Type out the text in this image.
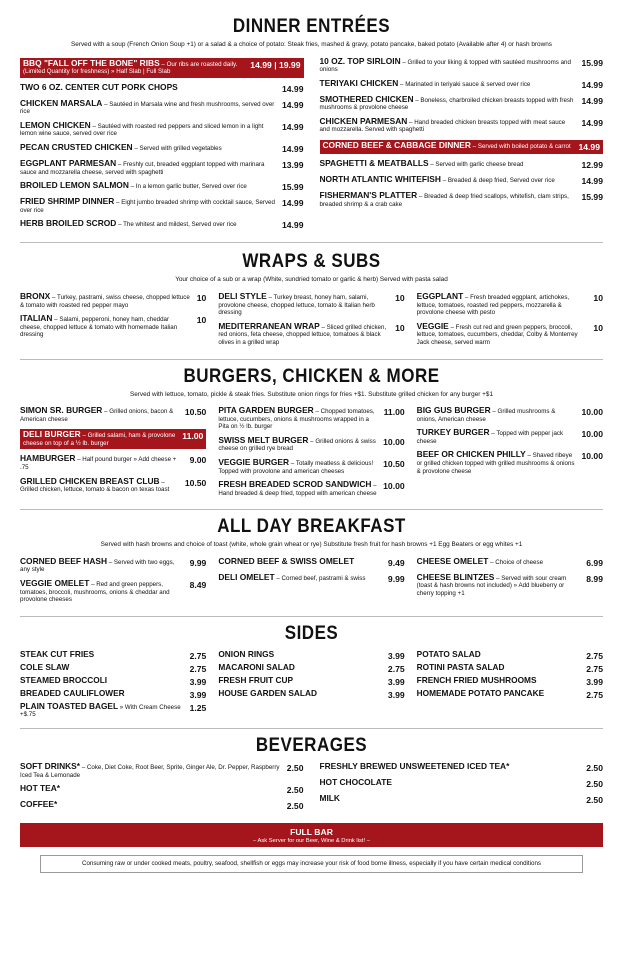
DINNER ENTRÉES
Served with a soup (French Onion Soup +1) or a salad & a choice of potato: Steak fries, mashed & gravy, potato pancake, baked potato (Available after 4) or hash browns
BBQ "FALL OFF THE BONE" RIBS – Our ribs are roasted daily. (Limited Quantity for freshness) » Half Slab | Full Slab
14.99 | 19.99
TWO 6 OZ. CENTER CUT PORK CHOPS	14.99
CHICKEN MARSALA – Sautéed in Marsala wine and fresh mushrooms, served over rice
14.99
LEMON CHICKEN – Sautéed with roasted red peppers and sliced lemon in a light lemon wine sauce, served over rice
14.99
PECAN CRUSTED CHICKEN – Served with grilled vegetables	14.99
EGGPLANT PARMESAN – Freshly cut, breaded eggplant topped with marinara sauce and mozzarella cheese, served with spaghetti
13.99
BROILED LEMON SALMON – In a lemon garlic butter, Served over rice	15.99
FRIED SHRIMP DINNER – Eight jumbo breaded shrimp with cocktail sauce, Served over rice
14.99
HERB BROILED SCROD – The whitest and mildest, Served over rice	14.99
10 OZ. TOP SIRLOIN – Grilled to your liking & topped with sautéed mushrooms and onions
15.99
TERIYAKI CHICKEN – Marinated in teriyaki sauce & served over rice	14.99
SMOTHERED CHICKEN – Boneless, charbroiled chicken breasts topped with fresh mushrooms & provolone cheese
14.99
CHICKEN PARMESAN – Hand breaded chicken breasts topped with meat sauce and mozzarella. Served with spaghetti
14.99
CORNED BEEF & CABBAGE DINNER – Served with boiled potato & carrot 14.99
SPAGHETTI & MEATBALLS – Served with garlic cheese bread	12.99
NORTH ATLANTIC WHITEFISH – Breaded & deep fried, Served over rice	14.99
FISHERMAN'S PLATTER – Breaded & deep fried scallops, whitefish, clam strips, breaded shrimp & a crab cake
15.99
WRAPS & SUBS
Your choice of a sub or a wrap (White, sundried tomato or garlic & herb) Served with pasta salad
BRONX – Turkey, pastrami, swiss cheese, chopped lettuce & tomato with roasted red pepper mayo
10
ITALIAN – Salami, pepperoni, honey ham, cheddar cheese, chopped lettuce & tomato with homemade Italian dressing
10
DELI STYLE – Turkey breast, honey ham, salami, provolone cheese, chopped lettuce, tomato & Italian herb dressing
10
MEDITERRANEAN WRAP – Sliced grilled chicken, red onions, feta cheese, chopped lettuce, tomatoes & black olives in a grilled wrap
10
EGGPLANT – Fresh breaded eggplant, artichokes, lettuce, tomatoes, roasted red peppers, mozzarella & provolone cheese with pesto
10
VEGGIE – Fresh cut red and green peppers, broccoli, lettuce, tomatoes, cucumbers, cheddar, Colby & Monterrey Jack cheese, served warm
10
BURGERS, CHICKEN & MORE
Served with lettuce, tomato, pickle & steak fries. Substitute onion rings for fries +$1. Substitute grilled chicken for any burger +$1
SIMON SR. BURGER – Grilled onions, bacon & American cheese
10.50
DELI BURGER – Grilled salami, ham & provolone cheese on top of a ½ lb. burger
11.00
HAMBURGER – Half pound burger » Add cheese + .75
9.00
GRILLED CHICKEN BREAST CLUB – Grilled chicken, lettuce, tomato & bacon on texas toast
10.50
PITA GARDEN BURGER – Chopped tomatoes, lettuce, cucumbers, onions & mushrooms wrapped in a Pita on ½ lb. burger
11.00
SWISS MELT BURGER – Grilled onions & swiss cheese on grilled rye bread
10.00
VEGGIE BURGER – Totally meatless & delicious! Topped with provolone and american cheeses
10.50
FRESH BREADED SCROD SANDWICH – Hand breaded & deep fried, topped with american cheese
10.00
BIG GUS BURGER – Grilled mushrooms & onions, American cheese
10.00
TURKEY BURGER – Topped with pepper jack cheese
10.00
BEEF OR CHICKEN PHILLY – Shaved ribeye or grilled chicken topped with grilled mushrooms & onions & provolone cheese
10.00
ALL DAY BREAKFAST
Served with hash browns and choice of toast (white, whole grain wheat or rye) Substitute fresh fruit for hash browns +1 Egg Beaters or egg whites +1
CORNED BEEF HASH – Served with two eggs, any style
9.99
VEGGIE OMELET – Red and green peppers, tomatoes, broccoli, mushrooms, onions & cheddar and provolone cheeses
8.49
CORNED BEEF & SWISS OMELET	9.49
DELI OMELET – Corned beef, pastrami & swiss	9.99
CHEESE OMELET – Choice of cheese	6.99
CHEESE BLINTZES – Served with sour cream (toast & hash browns not included) » Add blueberry or cherry topping +1
8.99
SIDES
STEAK CUT FRIES	2.75
COLE SLAW	2.75
STEAMED BROCCOLI	3.99
BREADED CAULIFLOWER	3.99
PLAIN TOASTED BAGEL » With Cream Cheese +$.75
1.25
ONION RINGS	3.99
MACARONI SALAD	2.75
FRESH FRUIT CUP	3.99
HOUSE GARDEN SALAD	3.99
POTATO SALAD	2.75
ROTINI PASTA SALAD	2.75
FRENCH FRIED MUSHROOMS	3.99
HOMEMADE POTATO PANCAKE	2.75
BEVERAGES
SOFT DRINKS* – Coke, Diet Coke, Root Beer, Sprite, Ginger Ale, Dr. Pepper, Raspberry Iced Tea & Lemonade
2.50
HOT TEA*	2.50
COFFEE*	2.50
FRESHLY BREWED UNSWEETENED ICED TEA*	2.50
HOT CHOCOLATE	2.50
MILK	2.50
FULL BAR
– Ask Server for our Beer, Wine & Drink list! –
Consuming raw or under cooked meats, poultry, seafood, shellfish or eggs may increase your risk of food borne illness, especially if you have certain medical conditions
